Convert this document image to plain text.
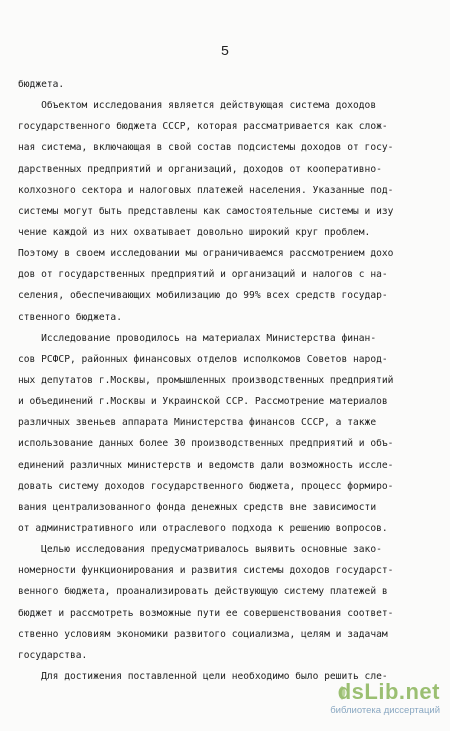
5
бюджета.
Объектом исследования является действующая система доходов
государственного бюджета СССР, которая рассматривается как слож-
ная система, включающая в свой состав подсистемы доходов от госу-
дарственных предприятий и организаций, доходов от кооперативно-
колхозного сектора и налоговых платежей населения. Указанные под-
системы могут быть представлены как самостоятельные системы и изу
чение каждой из них охватывает довольно широкий круг проблем.
Поэтому в своем исследовании мы ограничиваемся рассмотрением дохо
дов от государственных предприятий и организаций и налогов с на-
селения, обеспечивающих мобилизацию до 99% всех средств государ-
ственного бюджета.
Исследование проводилось на материалах Министерства финан-
сов РСФСР, районных финансовых отделов исполкомов Советов народ-
ных депутатов г.Москвы, промышленных производственных предприятий
и объединений г.Москвы и Украинской ССР. Рассмотрение материалов
различных звеньев аппарата Министерства финансов СССР, а также
использование данных более 30 производственных предприятий и объ-
единений различных министерств и ведомств дали возможность исслe-
довать систему доходов государственного бюджета, процесс формиро-
вания централизованного фонда денежных средств вне зависимости
от административного или отраслевого подхода к решению вопросов.
Целью исследования предусматривалось выявить основные зако-
номерности функционирования и развития системы доходов государст-
венного бюджета, проанализировать действующую систему платежей в
бюджет и рассмотреть возможные пути ее совершенствования соответ-
ственно условиям экономики развитого социализма, целям и задачам
государства.
Для достижения поставленной цели необходимо было решить сле-
dsLib.net
библиотека диссертаций
